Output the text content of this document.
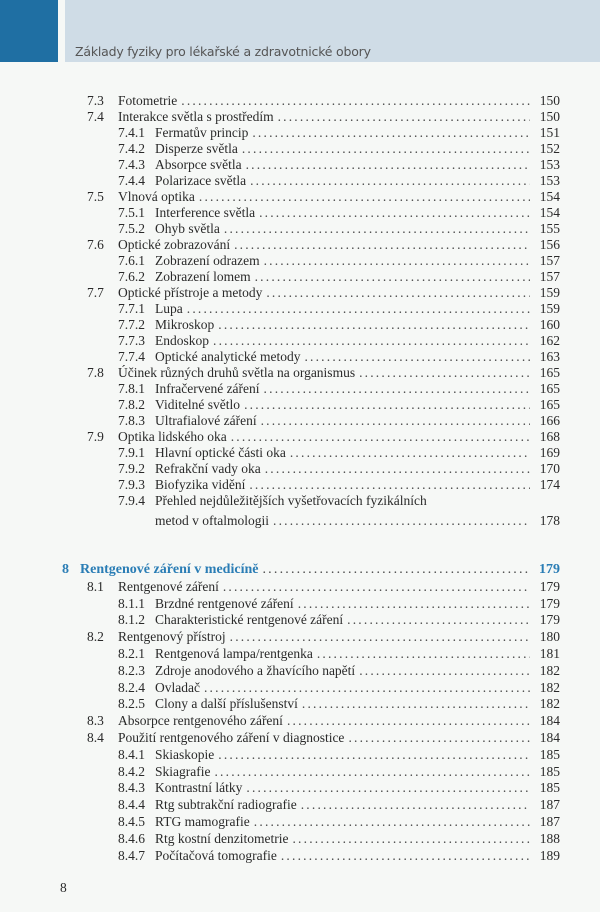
Základy fyziky pro lékařské a zdravotnické obory
7.3 Fotometrie .....	150
7.4 Interakce světla s prostředím .....	150
7.4.1 Fermatův princip .....	151
7.4.2 Disperze světla .....	152
7.4.3 Absorpce světla .....	153
7.4.4 Polarizace světla .....	153
7.5 Vlnová optika .....	154
7.5.1 Interference světla .....	154
7.5.2 Ohyb světla .....	155
7.6 Optické zobrazování .....	156
7.6.1 Zobrazení odrazem .....	157
7.6.2 Zobrazení lomem .....	157
7.7 Optické přístroje a metody .....	159
7.7.1 Lupa .....	159
7.7.2 Mikroskop .....	160
7.7.3 Endoskop .....	162
7.7.4 Optické analytické metody .....	163
7.8 Účinek různých druhů světla na organismus .....	165
7.8.1 Infračervené záření .....	165
7.8.2 Viditelné světlo .....	165
7.8.3 Ultrafialové záření .....	166
7.9 Optika lidského oka .....	168
7.9.1 Hlavní optické části oka .....	169
7.9.2 Refrakční vady oka .....	170
7.9.3 Biofyzika vidění .....	174
7.9.4 Přehled nejdůležitějších vyšetřovacích fyzikálních
metod v oftalmologii .....	178
8 Rentgenové záření v medicíně .....	179
8.1 Rentgenové záření .....	179
8.1.1 Brzdné rentgenové záření .....	179
8.1.2 Charakteristické rentgenové záření .....	179
8.2 Rentgenový přístroj .....	180
8.2.1 Rentgenová lampa/rentgenka .....	181
8.2.3 Zdroje anodového a žhavícího napětí .....	182
8.2.4 Ovladač .....	182
8.2.5 Clony a další příslušenství .....	182
8.3 Absorpce rentgenového záření .....	184
8.4 Použití rentgenového záření v diagnostice .....	184
8.4.1 Skiaskopie .....	185
8.4.2 Skiagrafie .....	185
8.4.3 Kontrastní látky .....	185
8.4.4 Rtg subtrakční radiografie .....	187
8.4.5 RTG mamografie .....	187
8.4.6 Rtg kostní denzitometrie .....	188
8.4.7 Počítačová tomografie .....	189
8
